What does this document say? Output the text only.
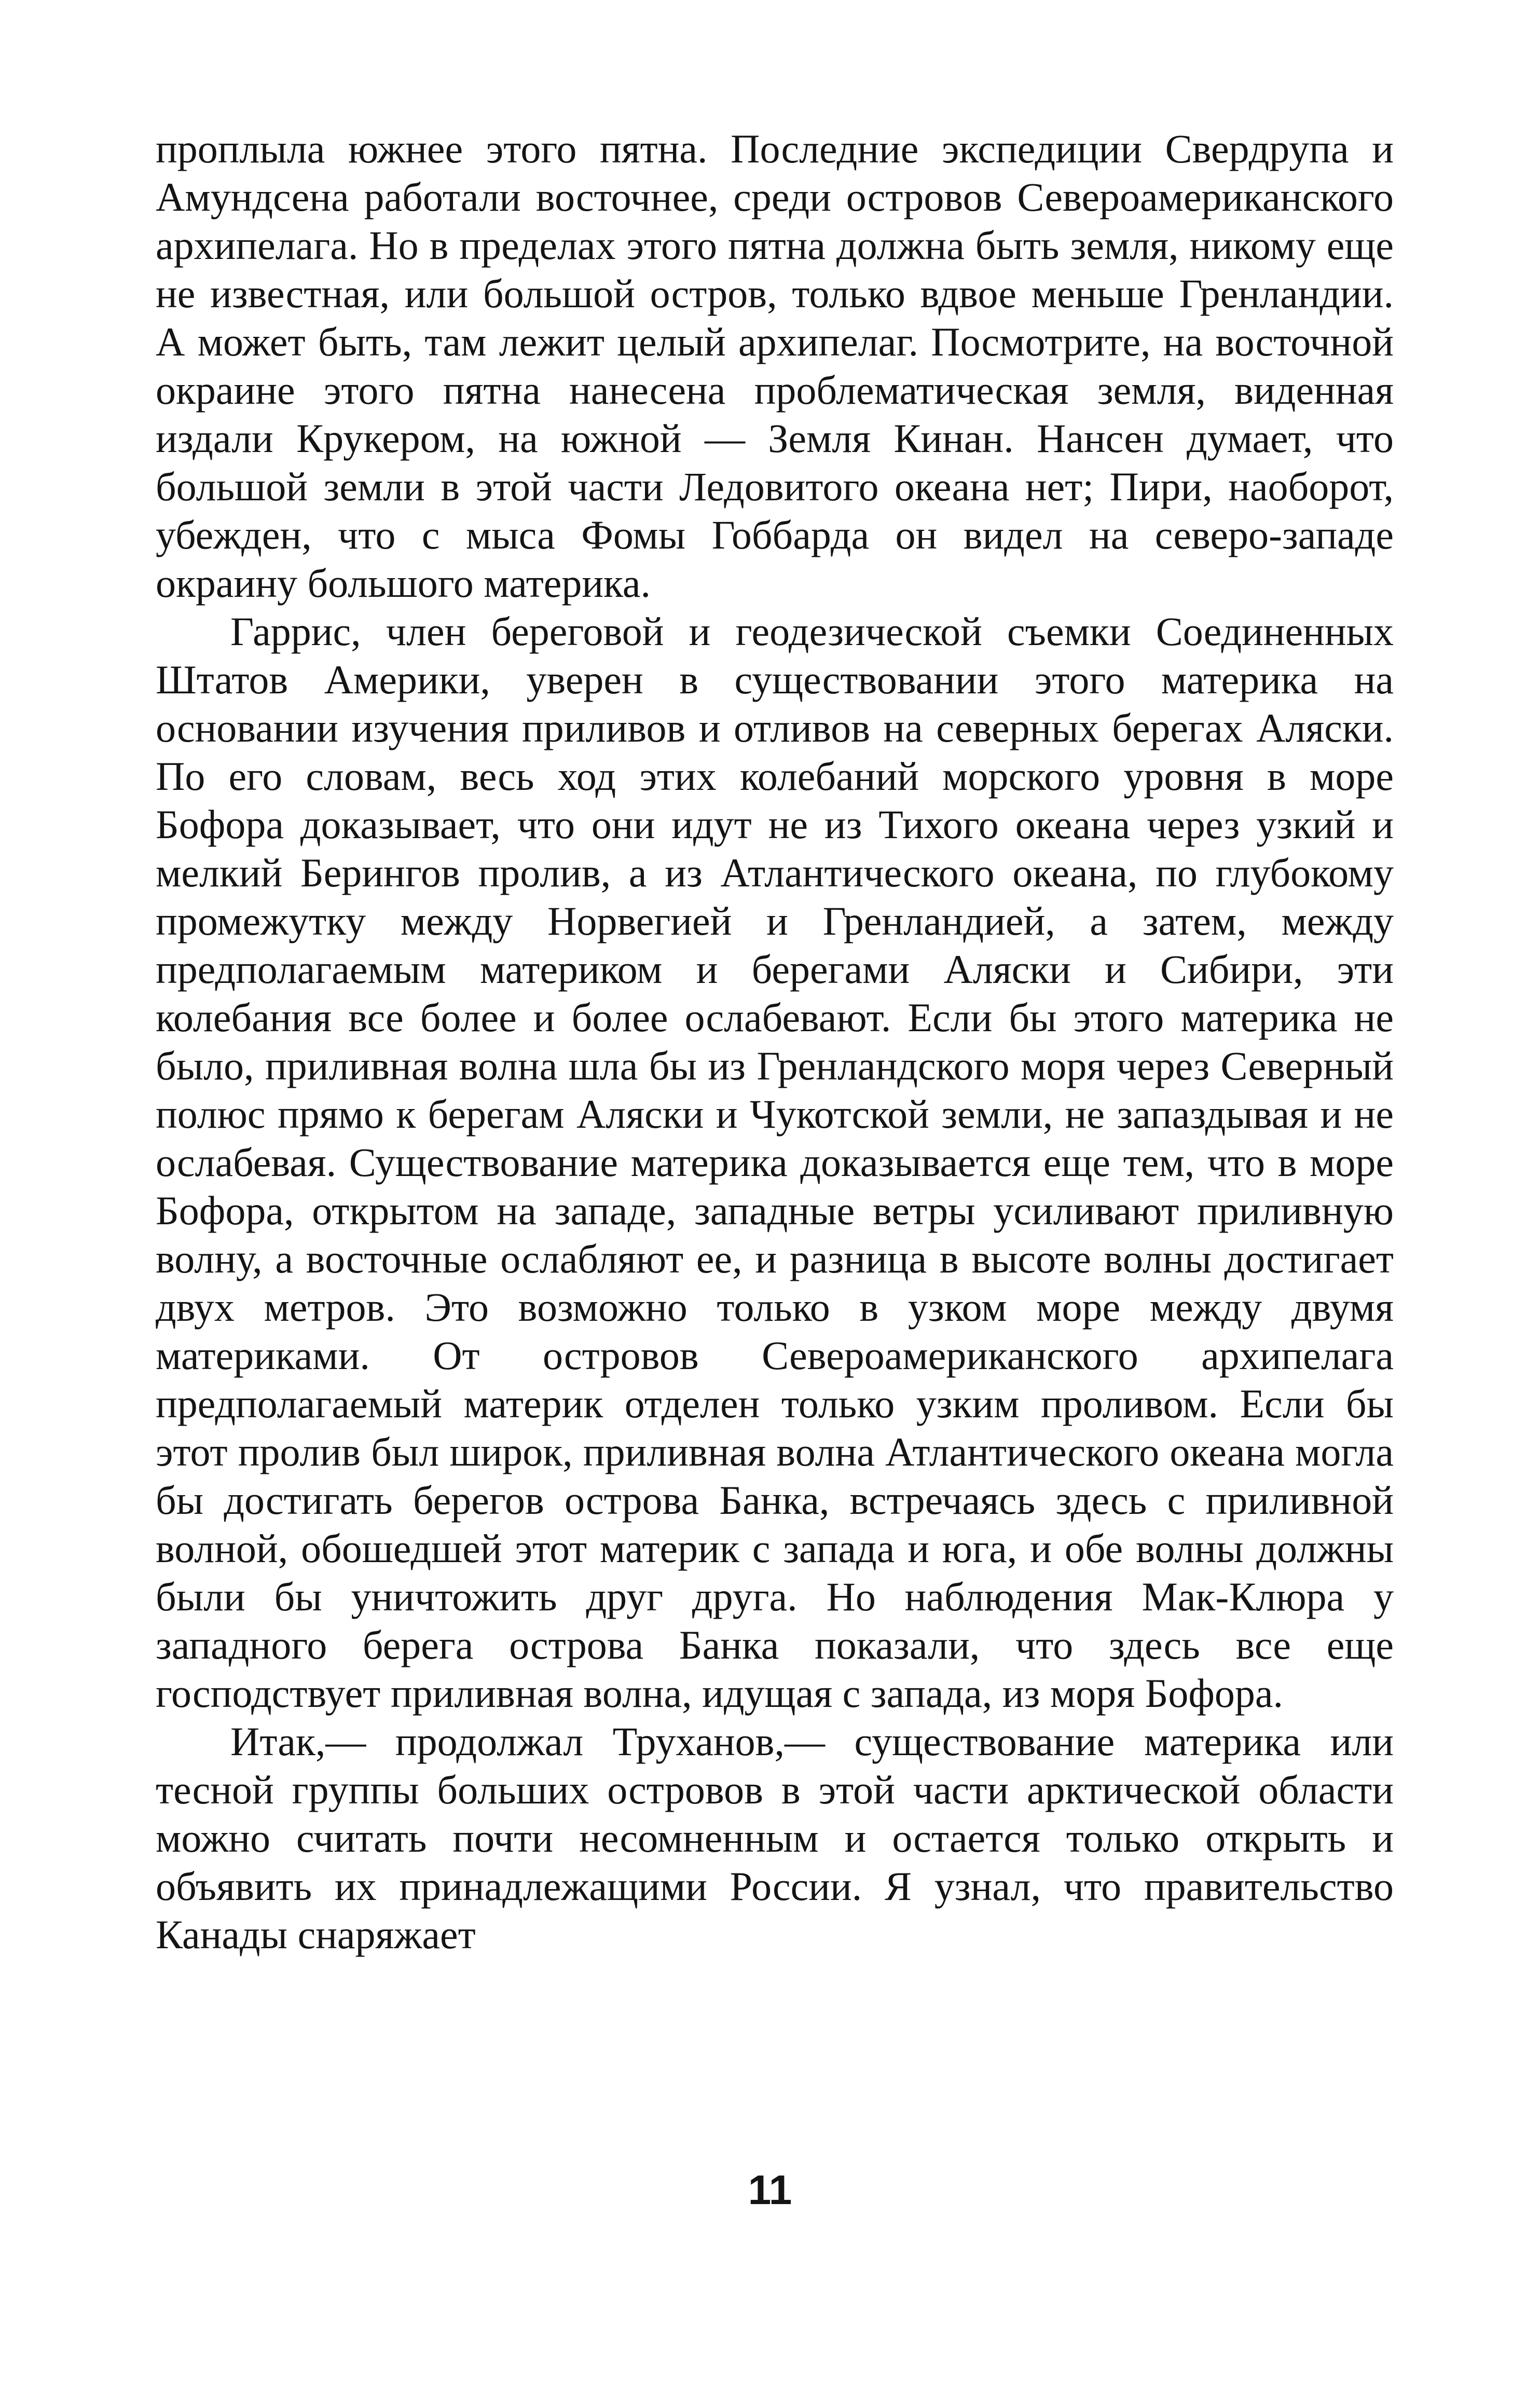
проплыла южнее этого пятна. Последние экспедиции Свердрупа и Амундсена работали восточнее, среди островов Североамериканского архипелага. Но в пределах этого пятна должна быть земля, никому еще не известная, или большой остров, только вдвое меньше Гренландии. А может быть, там лежит целый архипелаг. Посмотрите, на восточной окраине этого пятна нанесена проблематическая земля, виденная издали Крукером, на южной — Земля Кинан. Нансен думает, что большой земли в этой части Ледовитого океана нет; Пири, наоборот, убежден, что с мыса Фомы Гоббарда он видел на северо-западе окраину большого материка.

Гаррис, член береговой и геодезической съемки Соединенных Штатов Америки, уверен в существовании этого материка на основании изучения приливов и отливов на северных берегах Аляски. По его словам, весь ход этих колебаний морского уровня в море Бофора доказывает, что они идут не из Тихого океана через узкий и мелкий Берингов пролив, а из Атлантического океана, по глубокому промежутку между Норвегией и Гренландией, а затем, между предполагаемым материком и берегами Аляски и Сибири, эти колебания все более и более ослабевают. Если бы этого материка не было, приливная волна шла бы из Гренландского моря через Северный полюс прямо к берегам Аляски и Чукотской земли, не запаздывая и не ослабевая. Существование материка доказывается еще тем, что в море Бофора, открытом на западе, западные ветры усиливают приливную волну, а восточные ослабляют ее, и разница в высоте волны достигает двух метров. Это возможно только в узком море между двумя материками. От островов Североамериканского архипелага предполагаемый материк отделен только узким проливом. Если бы этот пролив был широк, приливная волна Атлантического океана могла бы достигать берегов острова Банка, встречаясь здесь с приливной волной, обошедшей этот материк с запада и юга, и обе волны должны были бы уничтожить друг друга. Но наблюдения Мак-Клюра у западного берега острова Банка показали, что здесь все еще господствует приливная волна, идущая с запада, из моря Бофора.

Итак,— продолжал Труханов,— существование материка или тесной группы больших островов в этой части арктической области можно считать почти несомненным и остается только открыть и объявить их принадлежащими России. Я узнал, что правительство Канады снаряжает

11
